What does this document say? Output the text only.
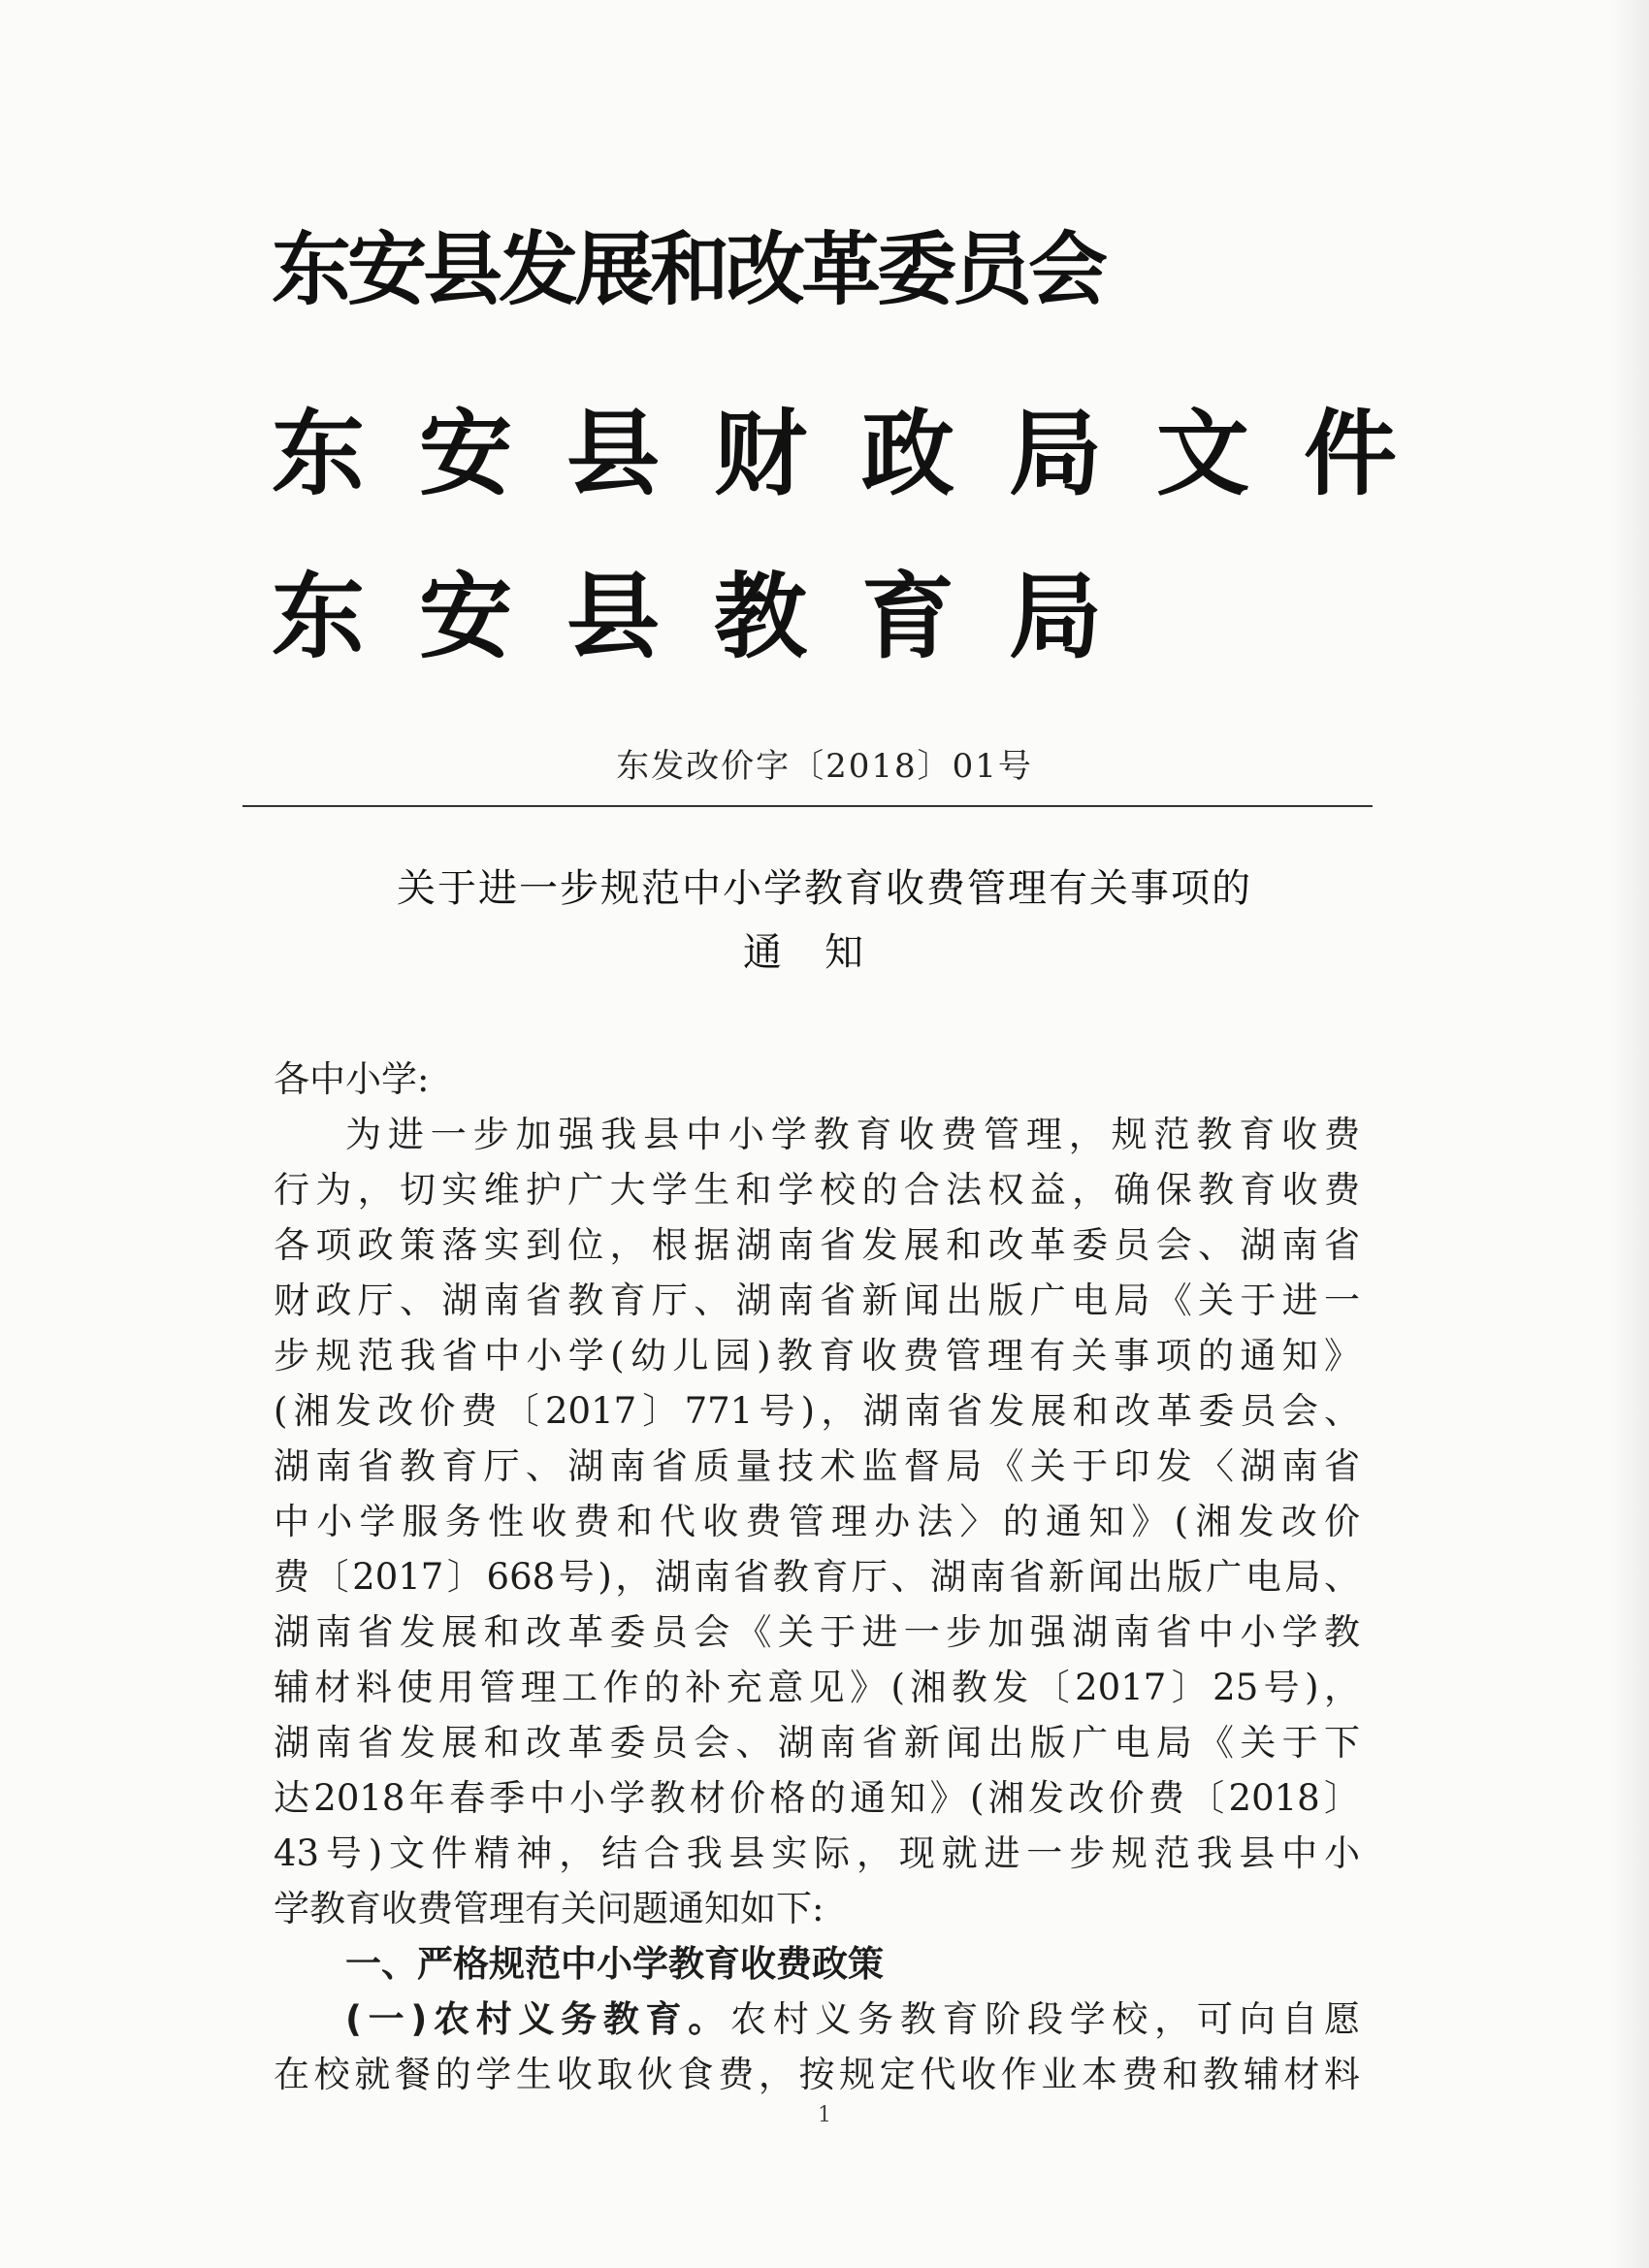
东安县发展和改革委员会
东安县财政局文件
东安县教育局
东发改价字〔2018〕01号
关于进一步规范中小学教育收费管理有关事项的
通知
各中小学:
为进一步加强我县中小学教育收费管理，规范教育收费
行为，切实维护广大学生和学校的合法权益，确保教育收费
各项政策落实到位，根据湖南省发展和改革委员会、湖南省
财政厅、湖南省教育厅、湖南省新闻出版广电局《关于进一
步规范我省中小学(幼儿园)教育收费管理有关事项的通知》
(湘发改价费〔2017〕771号)，湖南省发展和改革委员会、
湖南省教育厅、湖南省质量技术监督局《关于印发〈湖南省
中小学服务性收费和代收费管理办法〉的通知》(湘发改价
费〔2017〕668号)，湖南省教育厅、湖南省新闻出版广电局、
湖南省发展和改革委员会《关于进一步加强湖南省中小学教
辅材料使用管理工作的补充意见》(湘教发〔2017〕25号)，
湖南省发展和改革委员会、湖南省新闻出版广电局《关于下
达2018年春季中小学教材价格的通知》(湘发改价费〔2018〕
43号)文件精神，结合我县实际，现就进一步规范我县中小
学教育收费管理有关问题通知如下:
一、严格规范中小学教育收费政策
(一)农村义务教育。农村义务教育阶段学校，可向自愿
在校就餐的学生收取伙食费，按规定代收作业本费和教辅材料
1
